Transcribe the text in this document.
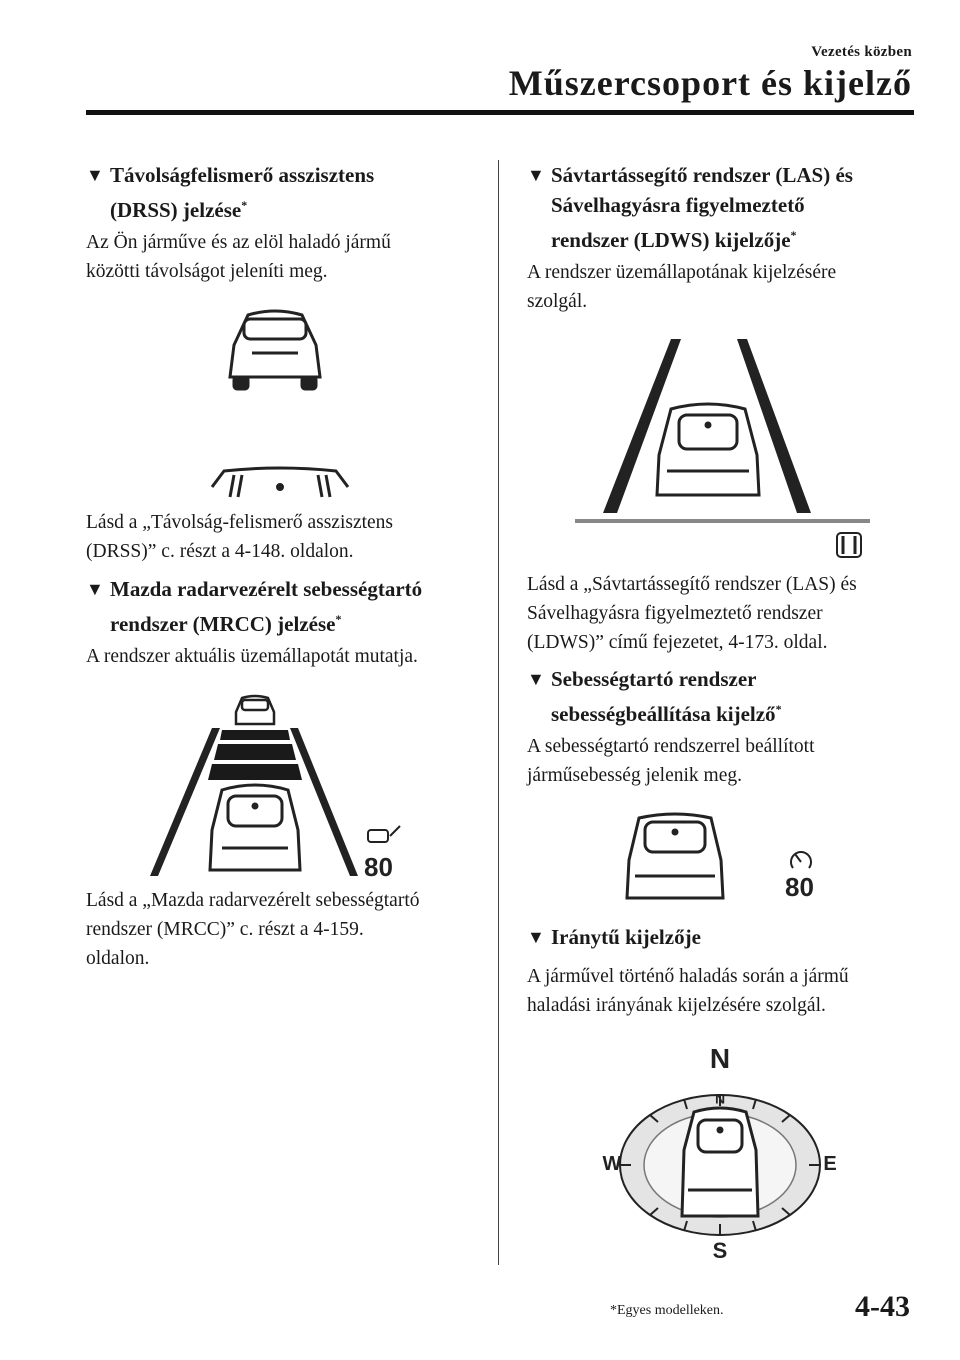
Vezetés közben
Műszercsoport és kijelző
▼ Távolságfelismerő asszisztens
(DRSS) jelzése*
Az Ön járműve és az elöl haladó jármű
közötti távolságot jeleníti meg.
Lásd a „Távolság-felismerő asszisztens
(DRSS)” c. részt a 4-148. oldalon.
▼ Mazda radarvezérelt sebességtartó
rendszer (MRCC) jelzése*
A rendszer aktuális üzemállapotát mutatja.
80
Lásd a „Mazda radarvezérelt sebességtartó
rendszer (MRCC)” c. részt a 4-159.
oldalon.
▼ Sávtartássegítő rendszer (LAS) és
Sávelhagyásra figyelmeztető
rendszer (LDWS) kijelzője*
A rendszer üzemállapotának kijelzésére
szolgál.
Lásd a „Sávtartássegítő rendszer (LAS) és
Sávelhagyásra figyelmeztető rendszer
(LDWS)” című fejezetet, 4-173. oldal.
▼ Sebességtartó rendszer
sebességbeállítása kijelző*
A sebességtartó rendszerrel beállított
járműsebesség jelenik meg.
80
▼ Iránytű kijelzője
A járművel történő haladás során a jármű
haladási irányának kijelzésére szolgál.
N
N
W	E
S
*Egyes modelleken.	4-43
